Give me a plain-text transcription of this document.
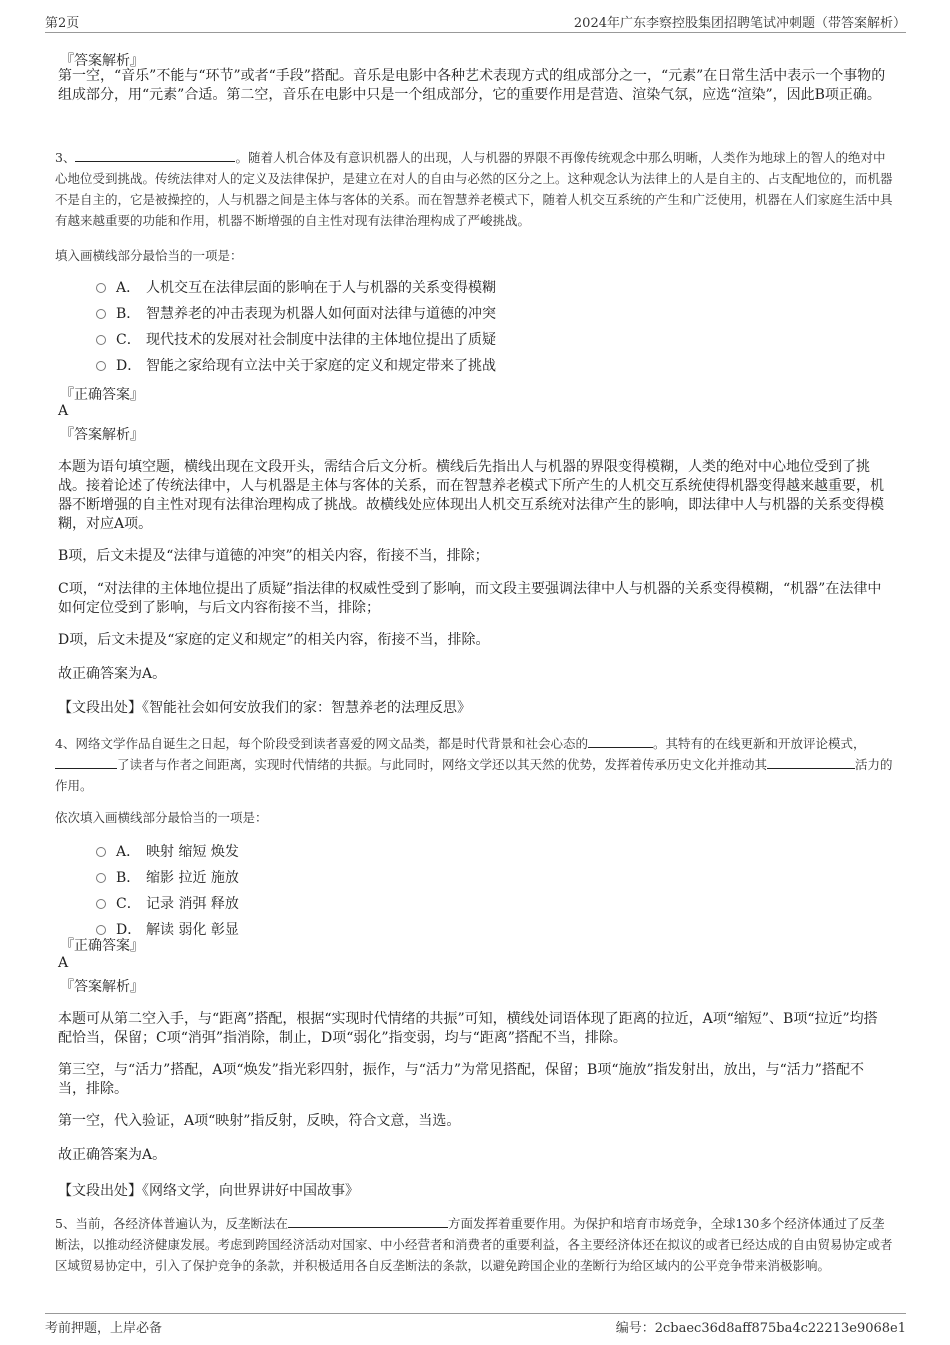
第2页	2024年广东李察控股集团招聘笔试冲刺题（带答案解析）
『答案解析』
第一空，“音乐”不能与“环节”或者“手段”搭配。音乐是电影中各种艺术表现方式的组成部分之一，“元素”在日常生活中表示一个事物的组成部分，用“元素”合适。第二空，音乐在电影中只是一个组成部分，它的重要作用是营造、渲染气氛，应选“渲染”，因此B项正确。
3、	。随着人机合体及有意识机器人的出现，人与机器的界限不再像传统观念中那么明晰，人类作为地球上的智人的绝对中心地位受到挑战。传统法律对人的定义及法律保护，是建立在对人的自由与必然的区分之上。这种观念认为法律上的人是自主的、占支配地位的，而机器不是自主的，它是被操控的，人与机器之间是主体与客体的关系。而在智慧养老模式下，随着人机交互系统的产生和广泛使用，机器在人们家庭生活中具有越来越重要的功能和作用，机器不断增强的自主性对现有法律治理构成了严峻挑战。
填入画横线部分最恰当的一项是：
A． 人机交互在法律层面的影响在于人与机器的关系变得模糊
B． 智慧养老的冲击表现为机器人如何面对法律与道德的冲突
C． 现代技术的发展对社会制度中法律的主体地位提出了质疑
D． 智能之家给现有立法中关于家庭的定义和规定带来了挑战
『正确答案』
A
『答案解析』
本题为语句填空题，横线出现在文段开头，需结合后文分析。横线后先指出人与机器的界限变得模糊，人类的绝对中心地位受到了挑战。接着论述了传统法律中，人与机器是主体与客体的关系，而在智慧养老模式下所产生的人机交互系统使得机器变得越来越重要，机器不断增强的自主性对现有法律治理构成了挑战。故横线处应体现出人机交互系统对法律产生的影响，即法律中人与机器的关系变得模糊，对应A项。
B项，后文未提及“法律与道德的冲突”的相关内容，衔接不当，排除；
C项，“对法律的主体地位提出了质疑”指法律的权威性受到了影响，而文段主要强调法律中人与机器的关系变得模糊，“机器”在法律中如何定位受到了影响，与后文内容衔接不当，排除；
D项，后文未提及“家庭的定义和规定”的相关内容，衔接不当，排除。
故正确答案为A。
【文段出处】《智能社会如何安放我们的家：智慧养老的法理反思》
4、网络文学作品自诞生之日起，每个阶段受到读者喜爱的网文品类，都是时代背景和社会心态的	。其特有的在线更新和开放评论模式，了读者与作者之间距离，实现时代情绪的共振。与此同时，网络文学还以其天然的优势，发挥着传承历史文化并推动其	活力的作用。
依次填入画横线部分最恰当的一项是：
A． 映射 缩短 焕发
B． 缩影 拉近 施放
C． 记录 消弭 释放
D． 解读 弱化 彰显
『正确答案』
A
『答案解析』
本题可从第二空入手，与“距离”搭配，根据“实现时代情绪的共振”可知，横线处词语体现了距离的拉近，A项“缩短”、B项“拉近”均搭配恰当，保留；C项“消弭”指消除，制止，D项“弱化”指变弱，均与“距离”搭配不当，排除。
第三空，与“活力”搭配，A项“焕发”指光彩四射，振作，与“活力”为常见搭配，保留；B项“施放”指发射出，放出，与“活力”搭配不当，排除。
第一空，代入验证，A项“映射”指反射，反映，符合文意，当选。
故正确答案为A。
【文段出处】《网络文学，向世界讲好中国故事》
5、当前，各经济体普遍认为，反垄断法在	方面发挥着重要作用。为保护和培育市场竞争，全球130多个经济体通过了反垄断法，以推动经济健康发展。考虑到跨国经济活动对国家、中小经营者和消费者的重要利益，各主要经济体还在拟议的或者已经达成的自由贸易协定或者区域贸易协定中，引入了保护竞争的条款，并积极适用各自反垄断法的条款，以避免跨国企业的垄断行为给区域内的公平竞争带来消极影响。
考前押题，上岸必备	编号：2cbaec36d8aff875ba4c22213e9068e1
